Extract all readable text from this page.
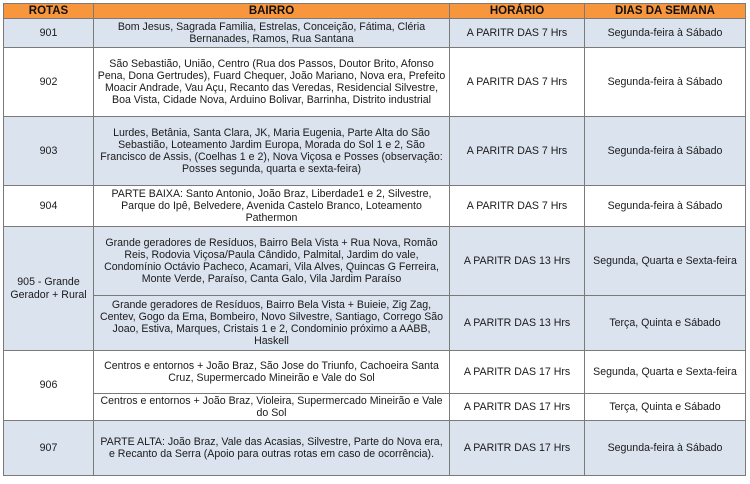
ROTAS	BAIRRO	HORÁRIO	DIAS DA SEMANA
901	Bom Jesus, Sagrada Familia, Estrelas, Conceição, Fátima, Cléria Bernanades, Ramos, Rua Santana	A PARITR DAS 7 Hrs	Segunda-feira à Sábado
902	São Sebastião, União, Centro (Rua dos Passos, Doutor Brito, Afonso Pena, Dona Gertrudes), Fuard Chequer, João Mariano, Nova era, Prefeito Moacir Andrade, Vau Açu, Recanto das Veredas, Residencial Silvestre, Boa Vista, Cidade Nova, Arduino Bolivar, Barrinha, Distrito industrial	A PARITR DAS 7 Hrs	Segunda-feira à Sábado
903	Lurdes, Betânia, Santa Clara, JK, Maria Eugenia, Parte Alta do São Sebastião, Loteamento Jardim Europa, Morada do Sol 1 e 2, São Francisco de Assis, (Coelhas 1 e 2), Nova Viçosa e Posses (observação: Posses segunda, quarta e sexta-feira)	A PARITR DAS 7 Hrs	Segunda-feira à Sábado
904	PARTE BAIXA: Santo Antonio, João Braz, Liberdade1 e 2, Silvestre, Parque do Ipê, Belvedere, Avenida Castelo Branco, Loteamento Pathermon	A PARITR DAS 7 Hrs	Segunda-feira à Sábado
905 - Grande Gerador + Rural	Grande geradores de Resíduos, Bairro Bela Vista + Rua Nova, Romão Reis, Rodovia Viçosa/Paula Cândido, Palmital, Jardim do vale, Condomínio Octávio Pacheco, Acamari, Vila Alves, Quincas G Ferreira, Monte Verde, Paraíso, Canta Galo, Vila Jardim Paraíso	A PARITR DAS 13 Hrs	Segunda, Quarta e Sexta-feira
	Grande geradores de Resíduos, Bairro Bela Vista + Buieie, Zig Zag, Centev, Gogo da Ema, Bombeiro, Novo Silvestre, Santiago, Corrego São Joao, Estiva, Marques, Cristais 1 e 2, Condominio próximo a AABB, Haskell	A PARITR DAS 13 Hrs	Terça, Quinta e Sábado
906	Centros e entornos + João Braz, São Jose do Triunfo, Cachoeira Santa Cruz, Supermercado Mineirão e Vale do Sol	A PARITR DAS 17 Hrs	Segunda, Quarta e Sexta-feira
	Centros e entornos + João Braz, Violeira, Supermercado Mineirão e Vale do Sol	A PARITR DAS 17 Hrs	Terça, Quinta e Sábado
907	PARTE ALTA: João Braz, Vale das Acasias, Silvestre, Parte do Nova era, e Recanto da Serra (Apoio para outras rotas em caso de ocorrência).	A PARITR DAS 17 Hrs	Segunda-feira à Sábado
